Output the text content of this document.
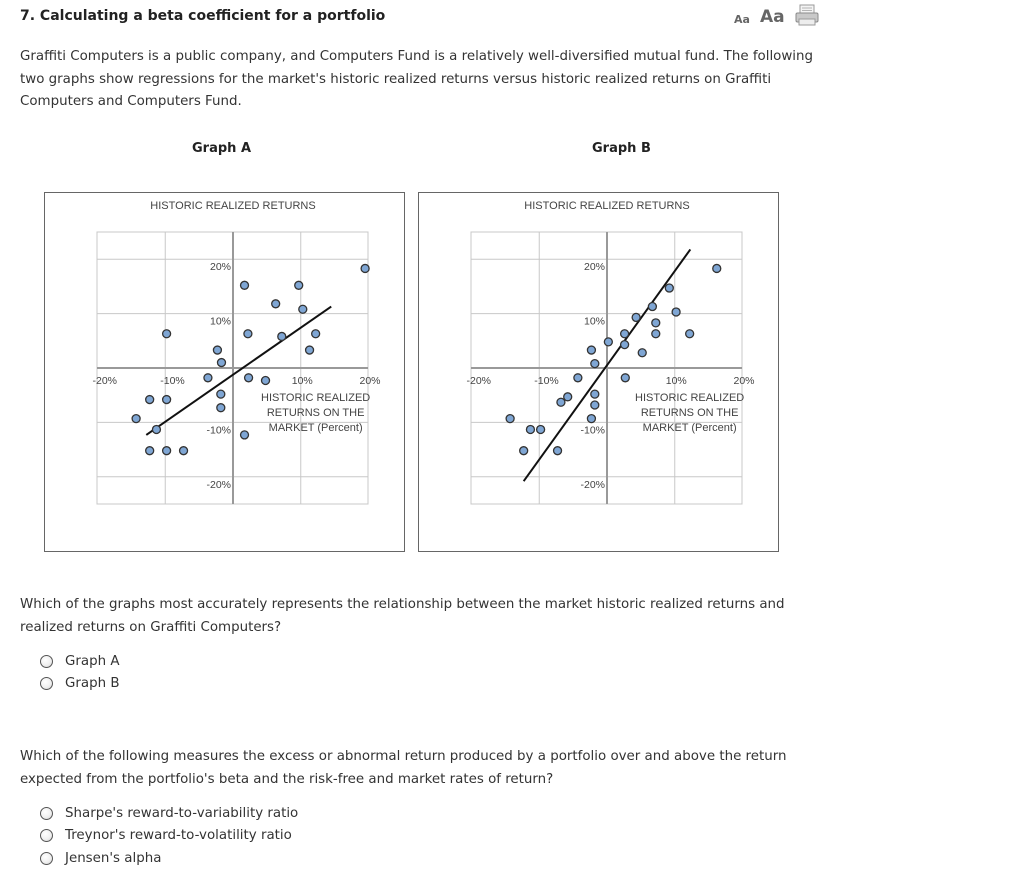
7. Calculating a beta coefficient for a portfolio	Aa Aa
Graffiti Computers is a public company, and Computers Fund is a relatively well-diversified mutual fund. The following two graphs show regressions for the market's historic realized returns versus historic realized returns on Graffiti Computers and Computers Fund.
Graph A	Graph B
HISTORIC REALIZED RETURNS
-20%	-10%	10%	20%
20%
10%
-10%
-20%
HISTORIC REALIZED
RETURNS ON THE
MARKET (Percent)
HISTORIC REALIZED RETURNS
-20%	-10%	10%	20%
20%
10%
-10%
-20%
HISTORIC REALIZED
RETURNS ON THE
MARKET (Percent)
Which of the graphs most accurately represents the relationship between the market historic realized returns and realized returns on Graffiti Computers?
Graph A
Graph B
Which of the following measures the excess or abnormal return produced by a portfolio over and above the return expected from the portfolio's beta and the risk-free and market rates of return?
Sharpe's reward-to-variability ratio
Treynor's reward-to-volatility ratio
Jensen's alpha
